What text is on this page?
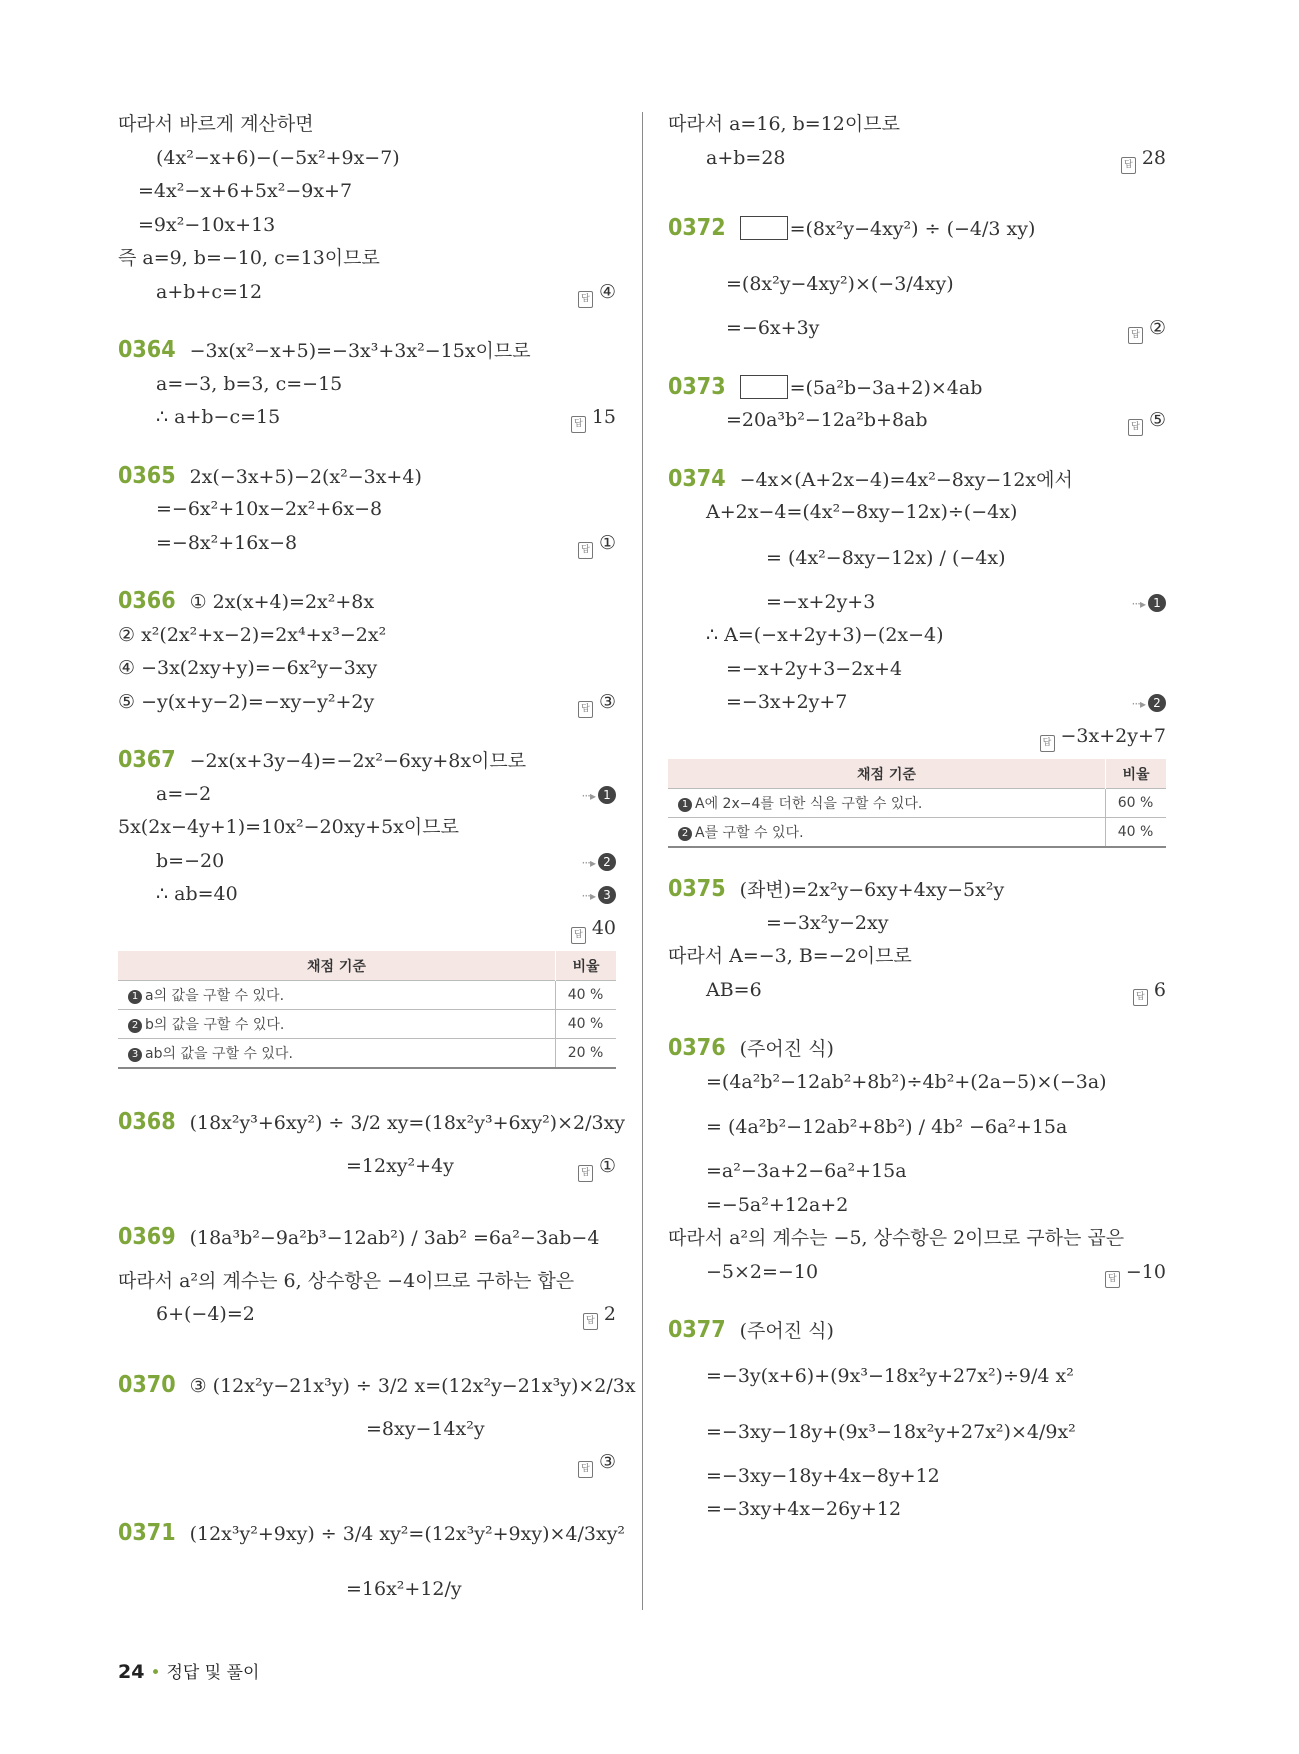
따라서 바르게 계산하면
(4x²−x+6)−(−5x²+9x−7)
=4x²−x+6+5x²−9x+7
=9x²−10x+13
즉 a=9, b=−10, c=13이므로
a+b+c=12	답 ④
0364 −3x(x²−x+5)=−3x³+3x²−15x이므로
a=−3, b=3, c=−15
∴ a+b−c=15	답 15
0365 2x(−3x+5)−2(x²−3x+4)
=−6x²+10x−2x²+6x−8
=−8x²+16x−8	답 ①
0366 ① 2x(x+4)=2x²+8x
② x²(2x²+x−2)=2x⁴+x³−2x²
④ −3x(2xy+y)=−6x²y−3xy
⑤ −y(x+y−2)=−xy−y²+2y	답 ③
0367 −2x(x+3y−4)=−2x²−6xy+8x이므로
a=−2	···▸ 1
5x(2x−4y+1)=10x²−20xy+5x이므로
b=−20	···▸ 2
∴ ab=40	···▸ 3
답 40
채점 기준	비율
1 a의 값을 구할 수 있다.	40 %
2 b의 값을 구할 수 있다.	40 %
3 ab의 값을 구할 수 있다.	20 %
0368 (18x²y³+6xy²) ÷ 3/2 xy=(18x²y³+6xy²)×2/3xy
=12xy²+4y	답 ①
0369 (18a³b²−9a²b³−12ab²) / 3ab² =6a²−3ab−4
따라서 a²의 계수는 6, 상수항은 −4이므로 구하는 합은
6+(−4)=2	답 2
0370 ③ (12x²y−21x³y) ÷ 3/2 x=(12x²y−21x³y)×2/3x
=8xy−14x²y
답 ③
0371 (12x³y²+9xy) ÷ 3/4 xy²=(12x³y²+9xy)×4/3xy²
=16x²+12/y
따라서 a=16, b=12이므로
a+b=28	답 28
0372	=(8x²y−4xy²) ÷ (−4/3 xy)
=(8x²y−4xy²)×(−3/4xy)
=−6x+3y	답 ②
0373	=(5a²b−3a+2)×4ab
=20a³b²−12a²b+8ab	답 ⑤
0374 −4x×(A+2x−4)=4x²−8xy−12x에서
A+2x−4=(4x²−8xy−12x)÷(−4x)
= (4x²−8xy−12x) / (−4x)
=−x+2y+3	···▸ 1
∴ A=(−x+2y+3)−(2x−4)
=−x+2y+3−2x+4
=−3x+2y+7	···▸ 2
답 −3x+2y+7
채점 기준	비율
1 A에 2x−4를 더한 식을 구할 수 있다.	60 %
2 A를 구할 수 있다.	40 %
0375 (좌변)=2x²y−6xy+4xy−5x²y
=−3x²y−2xy
따라서 A=−3, B=−2이므로
AB=6	답 6
0376 (주어진 식)
=(4a²b²−12ab²+8b²)÷4b²+(2a−5)×(−3a)
= (4a²b²−12ab²+8b²) / 4b² −6a²+15a
=a²−3a+2−6a²+15a
=−5a²+12a+2
따라서 a²의 계수는 −5, 상수항은 2이므로 구하는 곱은
−5×2=−10	답 −10
0377 (주어진 식)
=−3y(x+6)+(9x³−18x²y+27x²)÷9/4 x²
=−3xy−18y+(9x³−18x²y+27x²)×4/9x²
=−3xy−18y+4x−8y+12
=−3xy+4x−26y+12
24 • 정답 및 풀이
